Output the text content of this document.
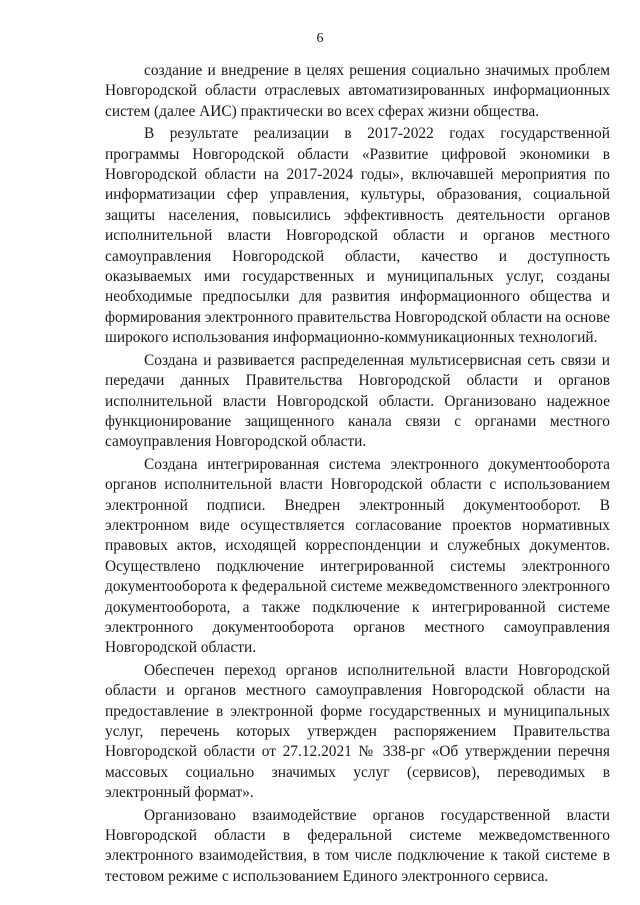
6

создание и внедрение в целях решения социально значимых проблем Новгородской области отраслевых автоматизированных информационных систем (далее АИС) практически во всех сферах жизни общества.

В результате реализации в 2017-2022 годах государственной программы Новгородской области «Развитие цифровой экономики в Новгородской области на 2017-2024 годы», включавшей мероприятия по информатизации сфер управления, культуры, образования, социальной защиты населения, повысились эффективность деятельности органов исполнительной власти Новгородской области и органов местного самоуправления Новгородской области, качество и доступность оказываемых ими государственных и муниципальных услуг, созданы необходимые предпосылки для развития информационного общества и формирования электронного правительства Новгородской области на основе широкого использования информационно-коммуникационных технологий.

Создана и развивается распределенная мультисервисная сеть связи и передачи данных Правительства Новгородской области и органов исполнительной власти Новгородской области. Организовано надежное функционирование защищенного канала связи с органами местного самоуправления Новгородской области.

Создана интегрированная система электронного документооборота органов исполнительной власти Новгородской области с использованием электронной подписи. Внедрен электронный документооборот. В электронном виде осуществляется согласование проектов нормативных правовых актов, исходящей корреспонденции и служебных документов. Осуществлено подключение интегрированной системы электронного документооборота к федеральной системе межведомственного электронного документооборота, а также подключение к интегрированной системе электронного документооборота органов местного самоуправления Новгородской области.

Обеспечен переход органов исполнительной власти Новгородской области и органов местного самоуправления Новгородской области на предоставление в электронной форме государственных и муниципальных услуг, перечень которых утвержден распоряжением Правительства Новгородской области от 27.12.2021 № 338-рг «Об утверждении перечня массовых социально значимых услуг (сервисов), переводимых в электронный формат».

Организовано взаимодействие органов государственной власти Новгородской области в федеральной системе межведомственного электронного взаимодействия, в том числе подключение к такой системе в тестовом режиме с использованием Единого электронного сервиса.
